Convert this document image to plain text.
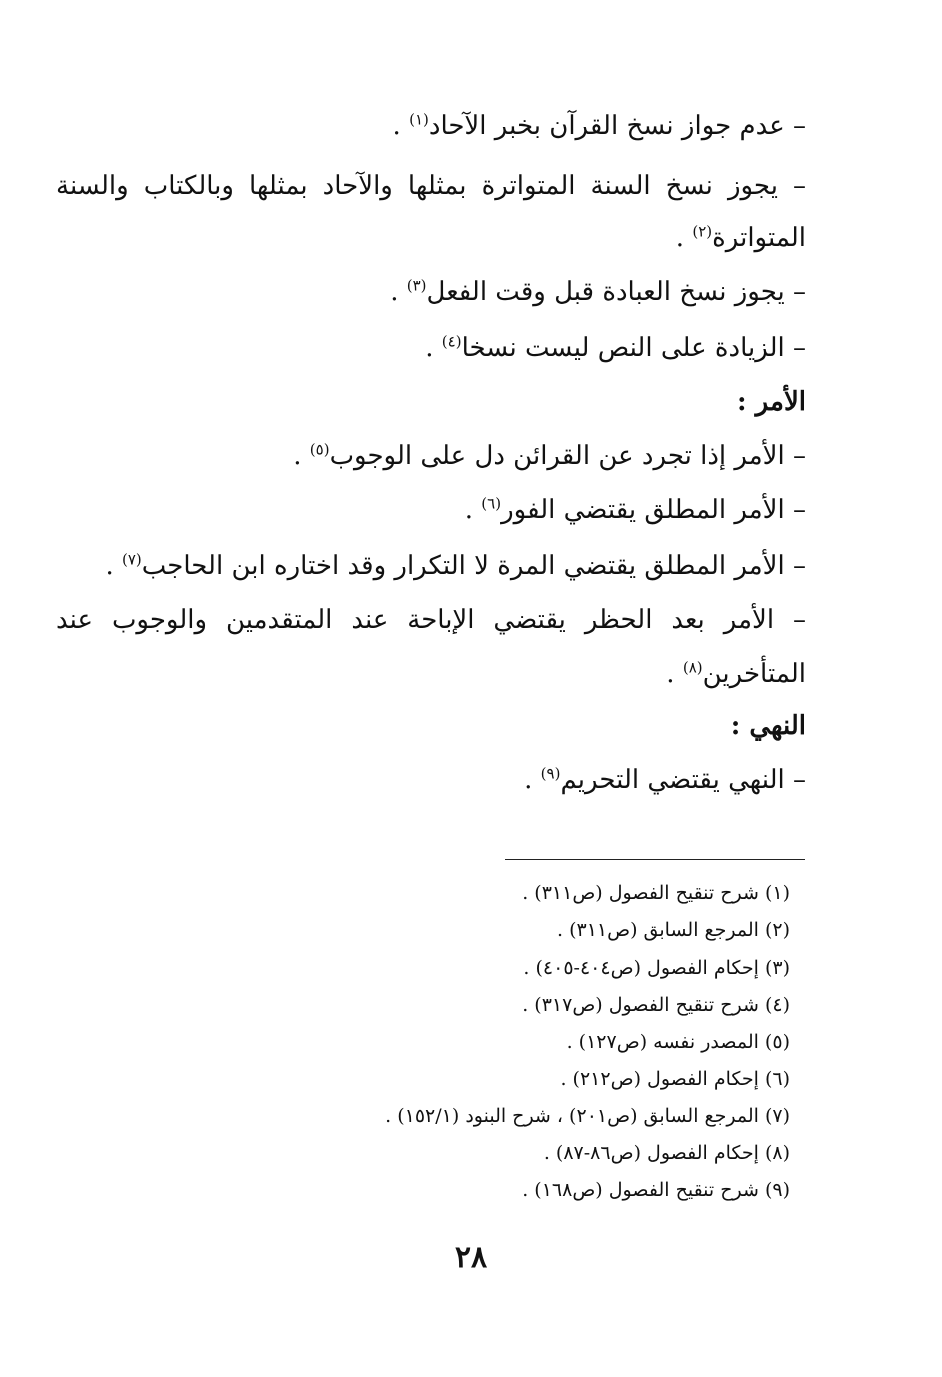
– عدم جواز نسخ القرآن بخبر الآحاد$^{(١)}$ .
– يجوز نسخ السنة المتواترة بمثلها والآحاد بمثلها وبالكتاب والسنة
المتواترة$^{(٢)}$ .
– يجوز نسخ العبادة قبل وقت الفعل$^{(٣)}$ .
– الزيادة على النص ليست نسخا$^{(٤)}$ .
الأمر :
– الأمر إذا تجرد عن القرائن دل على الوجوب$^{(٥)}$ .
– الأمر المطلق يقتضي الفور$^{(٦)}$ .
– الأمر المطلق يقتضي المرة لا التكرار وقد اختاره ابن الحاجب$^{(٧)}$ .
– الأمر بعد الحظر يقتضي الإباحة عند المتقدمين والوجوب عند
المتأخرين$^{(٨)}$ .
النهي :
– النهي يقتضي التحريم$^{(٩)}$ .
(١) شرح تنقيح الفصول (ص٣١١) .
(٢) المرجع السابق (ص٣١١) .
(٣) إحكام الفصول (ص٤٠٤-٤٠٥) .
(٤) شرح تنقيح الفصول (ص٣١٧) .
(٥) المصدر نفسه (ص١٢٧) .
(٦) إحكام الفصول (ص٢١٢) .
(٧) المرجع السابق (ص٢٠١) ، شرح البنود (١٥٢/١) .
(٨) إحكام الفصول (ص٨٦-٨٧) .
(٩) شرح تنقيح الفصول (ص١٦٨) .
٢٨
